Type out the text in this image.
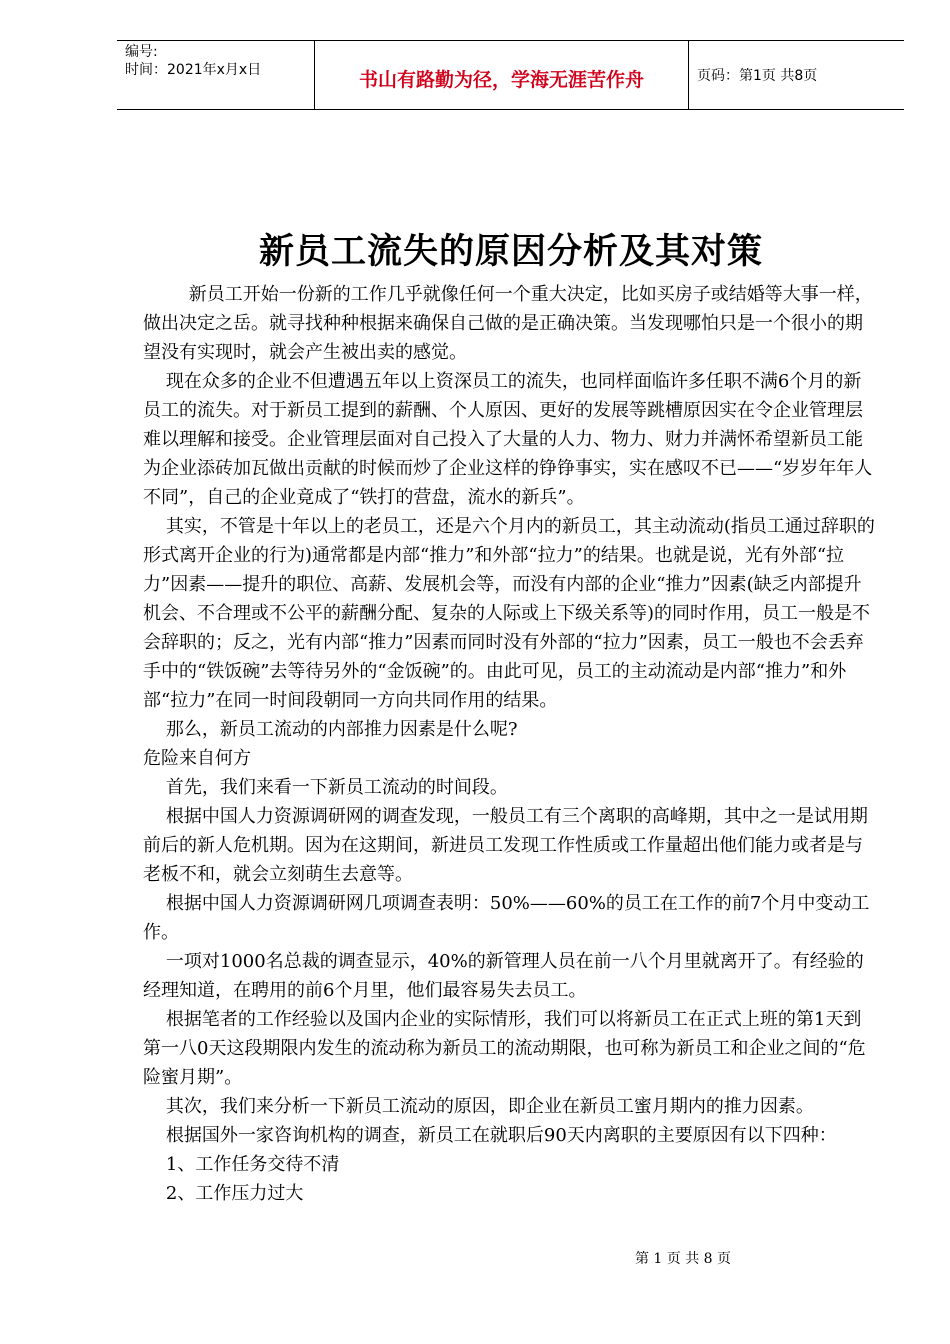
编号:
时间：2021年x月x日	书山有路勤为径，学海无涯苦作舟	页码：第1页 共8页
新员工流失的原因分析及其对策

新员工开始一份新的工作几乎就像任何一个重大决定，比如买房子或结婚等大事一样，做出决定之岳。就寻找种种根据来确保自己做的是正确决策。当发现哪怕只是一个很小的期望没有实现时，就会产生被出卖的感觉。

现在众多的企业不但遭遇五年以上资深员工的流失，也同样面临许多任职不满6个月的新员工的流失。对于新员工提到的薪酬、个人原因、更好的发展等跳槽原因实在令企业管理层难以理解和接受。企业管理层面对自己投入了大量的人力、物力、财力并满怀希望新员工能为企业添砖加瓦做出贡献的时候而炒了企业这样的铮铮事实，实在感叹不已——“岁岁年年人不同”，自己的企业竟成了“铁打的营盘，流水的新兵”。

其实，不管是十年以上的老员工，还是六个月内的新员工，其主动流动(指员工通过辞职的形式离开企业的行为)通常都是内部“推力”和外部“拉力”的结果。也就是说，光有外部“拉力”因素——提升的职位、高薪、发展机会等，而没有内部的企业“推力”因素(缺乏内部提升机会、不合理或不公平的薪酬分配、复杂的人际或上下级关系等)的同时作用，员工一般是不会辞职的；反之，光有内部“推力”因素而同时没有外部的“拉力”因素，员工一般也不会丢弃手中的“铁饭碗”去等待另外的“金饭碗”的。由此可见，员工的主动流动是内部“推力”和外部“拉力”在同一时间段朝同一方向共同作用的结果。

那么，新员工流动的内部推力因素是什么呢?

危险来自何方

首先，我们来看一下新员工流动的时间段。

根据中国人力资源调研网的调查发现，一般员工有三个离职的高峰期，其中之一是试用期前后的新人危机期。因为在这期间，新进员工发现工作性质或工作量超出他们能力或者是与老板不和，就会立刻萌生去意等。

根据中国人力资源调研网几项调查表明：50%——60%的员工在工作的前7个月中变动工作。

一项对1000名总裁的调查显示，40%的新管理人员在前一八个月里就离开了。有经验的经理知道，在聘用的前6个月里，他们最容易失去员工。

根据笔者的工作经验以及国内企业的实际情形，我们可以将新员工在正式上班的第1天到第一八0天这段期限内发生的流动称为新员工的流动期限，也可称为新员工和企业之间的“危险蜜月期”。

其次，我们来分析一下新员工流动的原因，即企业在新员工蜜月期内的推力因素。

根据国外一家咨询机构的调查，新员工在就职后90天内离职的主要原因有以下四种：

1、工作任务交待不清

2、工作压力过大

第 1 页 共 8 页
